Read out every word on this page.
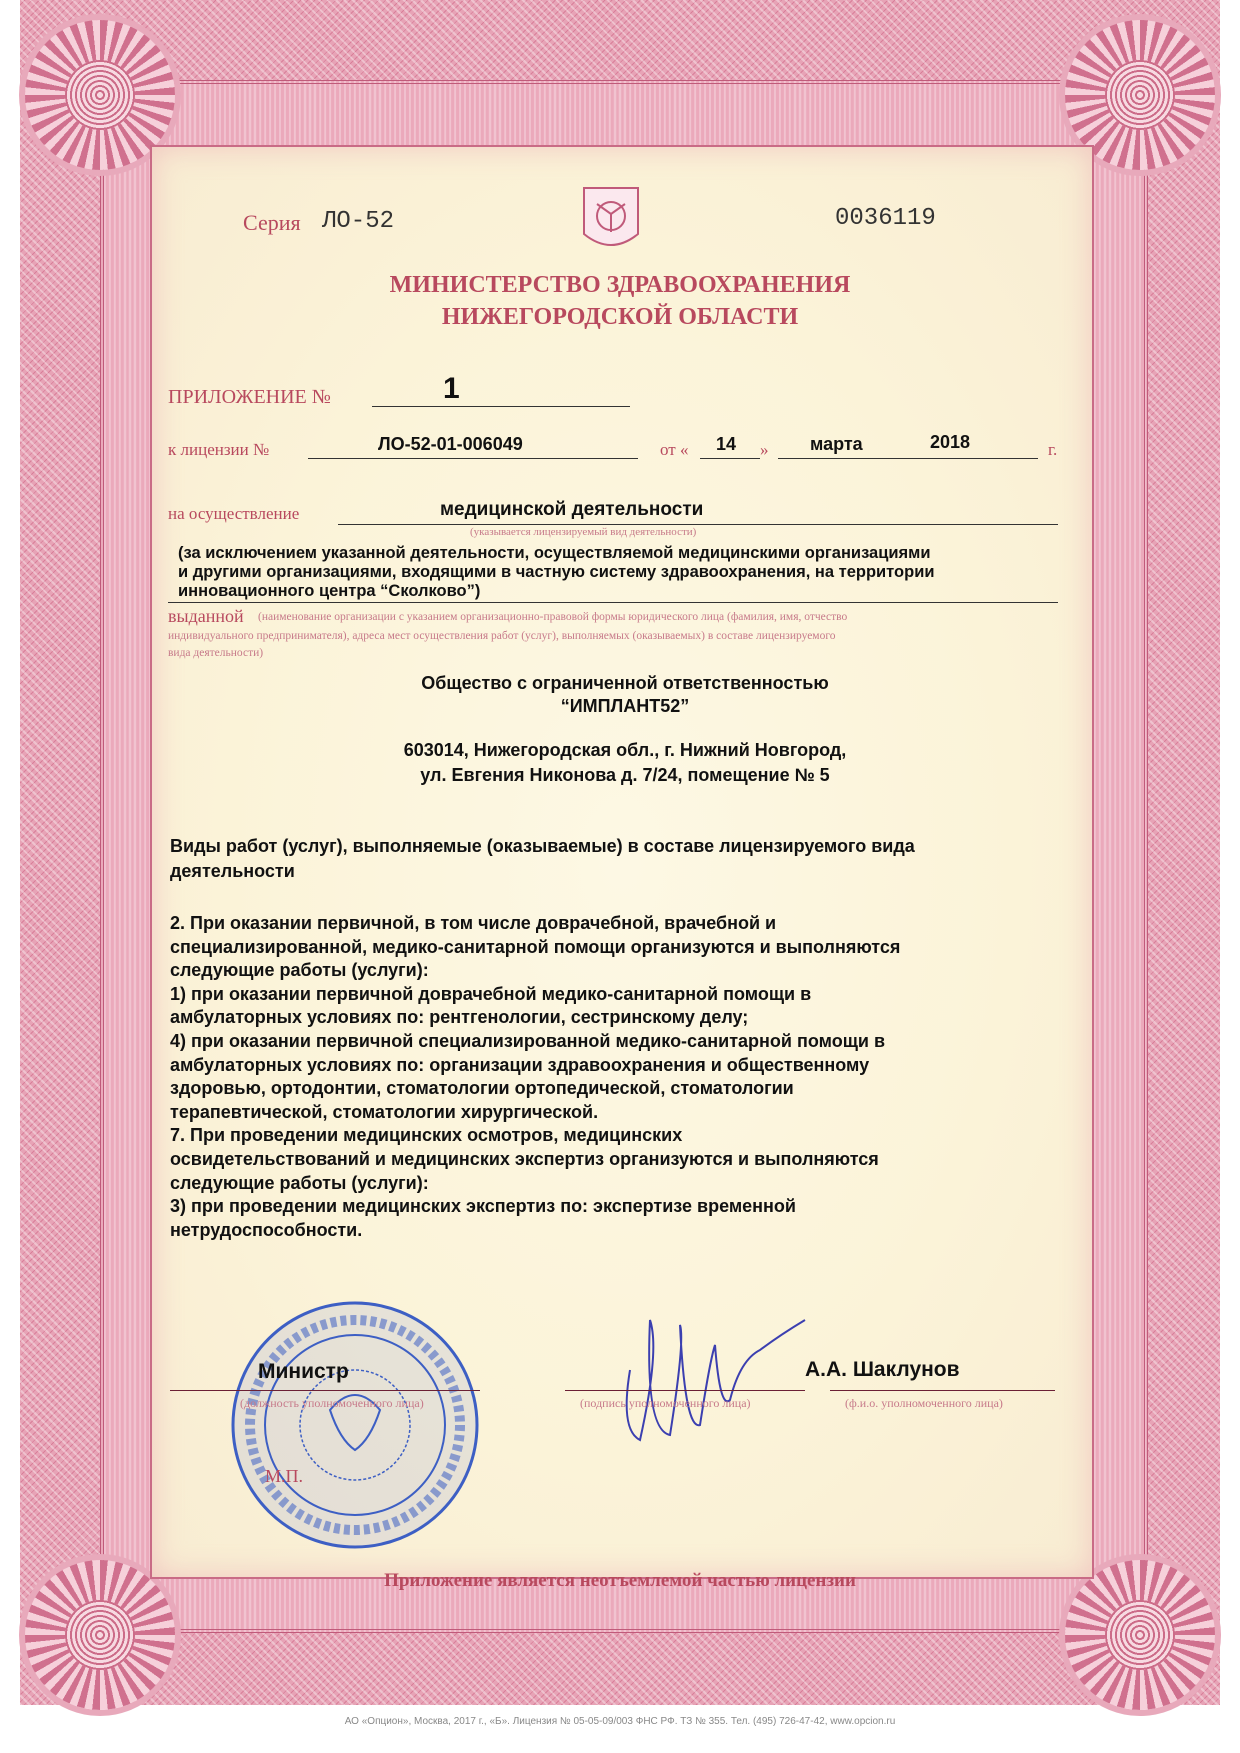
Серия ЛО-52	0036119
МИНИСТЕРСТВО ЗДРАВООХРАНЕНИЯ
НИЖЕГОРОДСКОЙ ОБЛАСТИ
ПРИЛОЖЕНИЕ №	1
к лицензии №	ЛО-52-01-006049	от « 14 » марта	2018	г.
на осуществление	медицинской деятельности
(указывается лицензируемый вид деятельности)
(за исключением указанной деятельности, осуществляемой медицинскими организациями
и другими организациями, входящими в частную систему здравоохранения, на территории
инновационного центра “Сколково”)
выданной (наименование организации с указанием организационно-правовой формы юридического лица (фамилия, имя, отчество
индивидуального предпринимателя), адреса мест осуществления работ (услуг), выполняемых (оказываемых) в составе лицензируемого
вида деятельности)
Общество с ограниченной ответственностью
“ИМПЛАНТ52”
603014, Нижегородская обл., г. Нижний Новгород,
ул. Евгения Никонова д. 7/24, помещение № 5
Виды работ (услуг), выполняемые (оказываемые) в составе лицензируемого вида
деятельности
2. При оказании первичной, в том числе доврачебной, врачебной и
специализированной, медико-санитарной помощи организуются и выполняются
следующие работы (услуги):
1) при оказании первичной доврачебной медико-санитарной помощи в
амбулаторных условиях по: рентгенологии, сестринскому делу;
4) при оказании первичной специализированной медико-санитарной помощи в
амбулаторных условиях по: организации здравоохранения и общественному
здоровью, ортодонтии, стоматологии ортопедической, стоматологии
терапевтической, стоматологии хирургической.
7. При проведении медицинских осмотров, медицинских
освидетельствований и медицинских экспертиз организуются и выполняются
следующие работы (услуги):
3) при проведении медицинских экспертиз по: экспертизе временной
нетрудоспособности.
Министр
(должность уполномоченного лица)	(подпись уполномоченного лица)
А.А. Шаклунов
(ф.и.о. уполномоченного лица)
М.П.
Приложение является неотъемлемой частью лицензии
АО «Опцион», Москва, 2017 г., «Б». Лицензия № 05-05-09/003 ФНС РФ. ТЗ № 355. Тел. (495) 726-47-42, www.opcion.ru
